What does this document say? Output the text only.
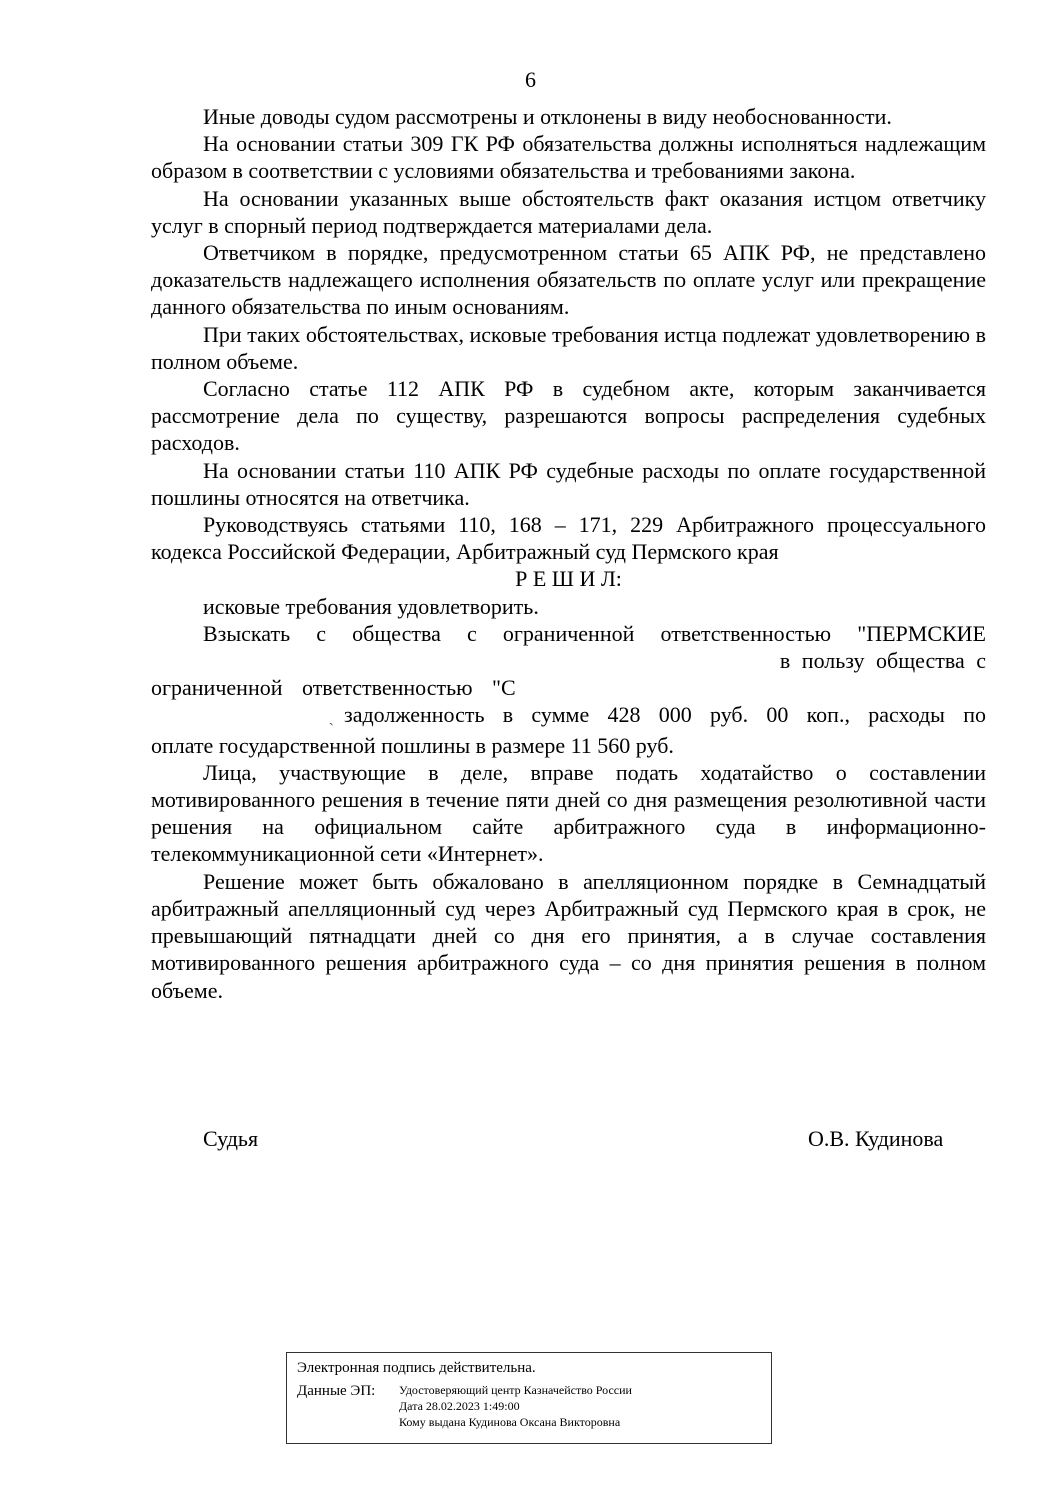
6

Иные доводы судом рассмотрены и отклонены в виду необоснованности.

На основании статьи 309 ГК РФ обязательства должны исполняться надлежащим образом в соответствии с условиями обязательства и требованиями закона.

На основании указанных выше обстоятельств факт оказания истцом ответчику услуг в спорный период подтверждается материалами дела.

Ответчиком в порядке, предусмотренном статьи 65 АПК РФ, не представлено доказательств надлежащего исполнения обязательств по оплате услуг или прекращение данного обязательства по иным основаниям.

При таких обстоятельствах, исковые требования истца подлежат удовлетворению в полном объеме.

Согласно статье 112 АПК РФ в судебном акте, которым заканчивается рассмотрение дела по существу, разрешаются вопросы распределения судебных расходов.

На основании статьи 110 АПК РФ судебные расходы по оплате государственной пошлины относятся на ответчика.

Руководствуясь статьями 110, 168 – 171, 229 Арбитражного процессуального кодекса Российской Федерации, Арбитражный суд Пермского края

Р Е Ш И Л:

исковые требования удовлетворить.

Взыскать с общества с ограниченной ответственностью "ПЕРМСКИЕ
в пользу общества с
ограниченной ответственностью "С
ˏ задолженность в сумме 428 000 руб. 00 коп., расходы по
оплате государственной пошлины в размере 11 560 руб.

Лица, участвующие в деле, вправе подать ходатайство о составлении мотивированного решения в течение пяти дней со дня размещения резолютивной части решения на официальном сайте арбитражного суда в информационно-телекоммуникационной сети «Интернет».

Решение может быть обжаловано в апелляционном порядке в Семнадцатый арбитражный апелляционный суд через Арбитражный суд Пермского края в срок, не превышающий пятнадцати дней со дня его принятия, а в случае составления мотивированного решения арбитражного суда – со дня принятия решения в полном объеме.

Судья	О.В. Кудинова
Электронная подпись действительна.
Данные ЭП:	Удостоверяющий центр Казначейство России
Дата 28.02.2023 1:49:00
Кому выдана Кудинова Оксана Викторовна
